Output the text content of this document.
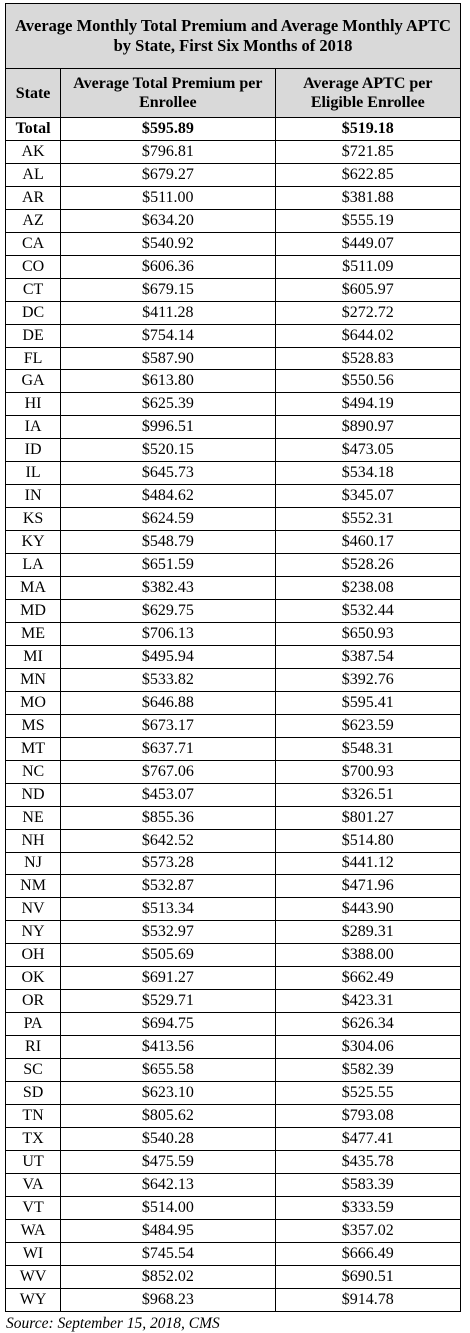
Average Monthly Total Premium and Average Monthly APTC by State, First Six Months of 2018		
State	Average Total Premium per Enrollee	Average APTC per Eligible Enrollee
Total	$595.89	$519.18
AK	$796.81	$721.85
AL	$679.27	$622.85
AR	$511.00	$381.88
AZ	$634.20	$555.19
CA	$540.92	$449.07
CO	$606.36	$511.09
CT	$679.15	$605.97
DC	$411.28	$272.72
DE	$754.14	$644.02
FL	$587.90	$528.83
GA	$613.80	$550.56
HI	$625.39	$494.19
IA	$996.51	$890.97
ID	$520.15	$473.05
IL	$645.73	$534.18
IN	$484.62	$345.07
KS	$624.59	$552.31
KY	$548.79	$460.17
LA	$651.59	$528.26
MA	$382.43	$238.08
MD	$629.75	$532.44
ME	$706.13	$650.93
MI	$495.94	$387.54
MN	$533.82	$392.76
MO	$646.88	$595.41
MS	$673.17	$623.59
MT	$637.71	$548.31
NC	$767.06	$700.93
ND	$453.07	$326.51
NE	$855.36	$801.27
NH	$642.52	$514.80
NJ	$573.28	$441.12
NM	$532.87	$471.96
NV	$513.34	$443.90
NY	$532.97	$289.31
OH	$505.69	$388.00
OK	$691.27	$662.49
OR	$529.71	$423.31
PA	$694.75	$626.34
RI	$413.56	$304.06
SC	$655.58	$582.39
SD	$623.10	$525.55
TN	$805.62	$793.08
TX	$540.28	$477.41
UT	$475.59	$435.78
VA	$642.13	$583.39
VT	$514.00	$333.59
WA	$484.95	$357.02
WI	$745.54	$666.49
WV	$852.02	$690.51
WY	$968.23	$914.78
Source: September 15, 2018, CMS
